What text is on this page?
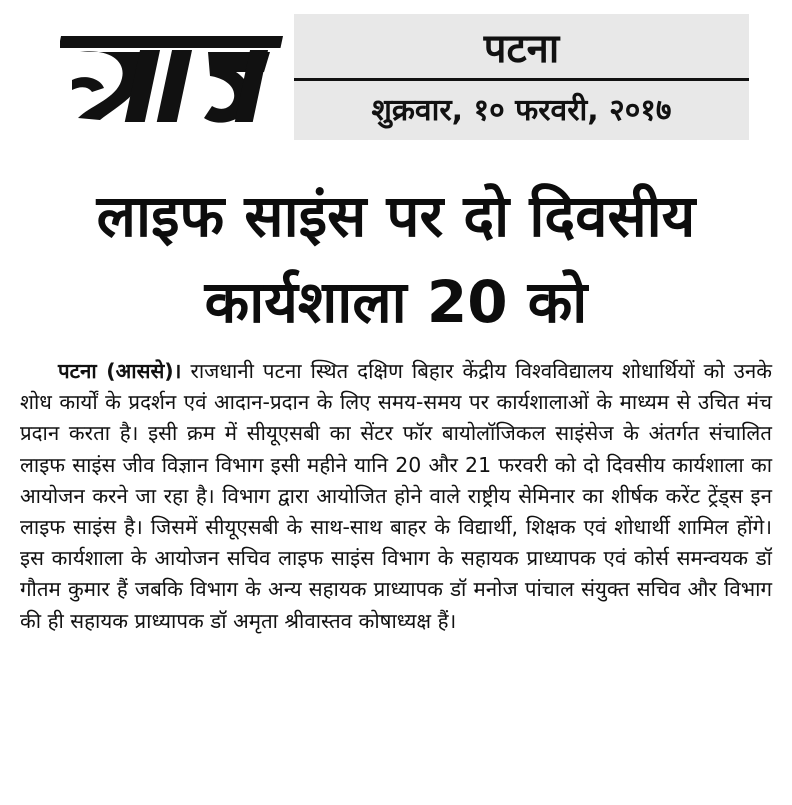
पटना
शुक्रवार, १० फरवरी, २०१७
लाइफ साइंस पर दो दिवसीय
कार्यशाला 20 को

पटना (आससे)। राजधानी पटना स्थित दक्षिण बिहार केंद्रीय विश्वविद्यालय शोधार्थियों को उनके शोध कार्यों के प्रदर्शन एवं आदान-प्रदान के लिए समय-समय पर कार्यशालाओं के माध्यम से उचित मंच प्रदान करता है। इसी क्रम में सीयूएसबी का सेंटर फॉर बायोलॉजिकल साइंसेज के अंतर्गत संचालित लाइफ साइंस जीव विज्ञान विभाग इसी महीने यानि 20 और 21 फरवरी को दो दिवसीय कार्यशाला का आयोजन करने जा रहा है। विभाग द्वारा आयोजित होने वाले राष्ट्रीय सेमिनार का शीर्षक करेंट ट्रेंड्स इन लाइफ साइंस है। जिसमें सीयूएसबी के साथ-साथ बाहर के विद्यार्थी, शिक्षक एवं शोधार्थी शामिल होंगे। इस कार्यशाला के आयोजन सचिव लाइफ साइंस विभाग के सहायक प्राध्यापक एवं कोर्स समन्वयक डॉ गौतम कुमार हैं जबकि विभाग के अन्य सहायक प्राध्यापक डॉ मनोज पांचाल संयुक्त सचिव और विभाग की ही सहायक प्राध्यापक डॉ अमृता श्रीवास्तव कोषाध्यक्ष हैं।
